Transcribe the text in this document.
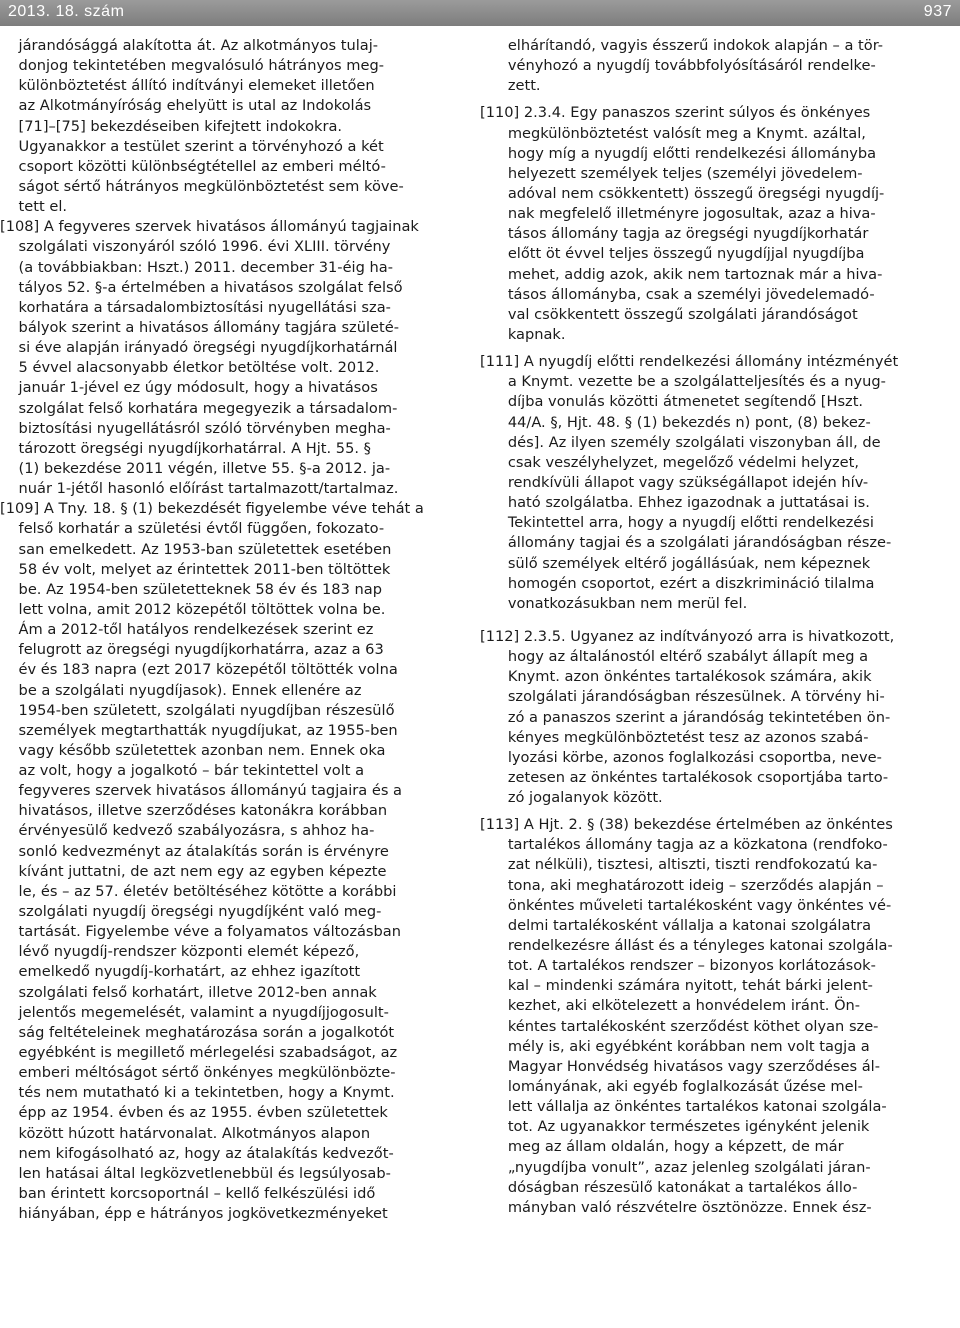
2013. 18. szám	937
járandósággá alakította át. Az alkotmányos tulaj-
donjog tekintetében megvalósuló hátrányos meg-
különböztetést állító indítványi elemeket illetően
az Alkotmányíróság ehelyütt is utal az Indokolás
[71]–[75] bekezdéseiben kifejtett indokokra.
Ugyanakkor a testület szerint a törvényhozó a két
csoport közötti különbségtétellel az emberi méltó-
ságot sértő hátrányos megkülönböztetést sem köve-
tett el.
[108] A fegyveres szervek hivatásos állományú tagjainak
szolgálati viszonyáról szóló 1996. évi XLIII. törvény
(a továbbiakban: Hszt.) 2011. december 31-éig ha-
tályos 52. §-a értelmében a hivatásos szolgálat felső
korhatára a társadalombiztosítási nyugellátási sza-
bályok szerint a hivatásos állomány tagjára születé-
si éve alapján irányadó öregségi nyugdíjkorhatárnál
5 évvel alacsonyabb életkor betöltése volt. 2012.
január 1-jével ez úgy módosult, hogy a hivatásos
szolgálat felső korhatára megegyezik a társadalom-
biztosítási nyugellátásról szóló törvényben megha-
tározott öregségi nyugdíjkorhatárral. A Hjt. 55. §
(1) bekezdése 2011 végén, illetve 55. §-a 2012. ja-
nuár 1-jétől hasonló előírást tartalmazott/tartalmaz.
[109] A Tny. 18. § (1) bekezdését figyelembe véve tehát a
felső korhatár a születési évtől függően, fokozato-
san emelkedett. Az 1953-ban születettek esetében
58 év volt, melyet az érintettek 2011-ben töltöttek
be. Az 1954-ben születetteknek 58 év és 183 nap
lett volna, amit 2012 közepétől töltöttek volna be.
Ám a 2012-től hatályos rendelkezések szerint ez
felugrott az öregségi nyugdíjkorhatárra, azaz a 63
év és 183 napra (ezt 2017 közepétől töltötték volna
be a szolgálati nyugdíjasok). Ennek ellenére az
1954-ben született, szolgálati nyugdíjban részesülő
személyek megtarthatták nyugdíjukat, az 1955-ben
vagy később születettek azonban nem. Ennek oka
az volt, hogy a jogalkotó – bár tekintettel volt a
fegyveres szervek hivatásos állományú tagjaira és a
hivatásos, illetve szerződéses katonákra korábban
érvényesülő kedvező szabályozásra, s ahhoz ha-
sonló kedvezményt az átalakítás során is érvényre
kívánt juttatni, de azt nem egy az egyben képezte
le, és – az 57. életév betöltéséhez kötötte a korábbi
szolgálati nyugdíj öregségi nyugdíjként való meg-
tartását. Figyelembe véve a folyamatos változásban
lévő nyugdíj-rendszer központi elemét képező,
emelkedő nyugdíj-korhatárt, az ehhez igazított
szolgálati felső korhatárt, illetve 2012-ben annak
jelentős megemelését, valamint a nyugdíjjogosult-
ság feltételeinek meghatározása során a jogalkotót
egyébként is megillető mérlegelési szabadságot, az
emberi méltóságot sértő önkényes megkülönbözte-
tés nem mutatható ki a tekintetben, hogy a Knymt.
épp az 1954. évben és az 1955. évben születettek
között húzott határvonalat. Alkotmányos alapon
nem kifogásolható az, hogy az átalakítás kedvezőt-
len hatásai által legközvetlenebbül és legsúlyosab-
ban érintett korcsoportnál – kellő felkészülési idő
hiányában, épp e hátrányos jogkövetkezményeket
elhárítandó, vagyis ésszerű indokok alapján – a tör-
vényhozó a nyugdíj továbbfolyósításáról rendelke-
zett.
[110] 2.3.4. Egy panaszos szerint súlyos és önkényes
megkülönböztetést valósít meg a Knymt. azáltal,
hogy míg a nyugdíj előtti rendelkezési állományba
helyezett személyek teljes (személyi jövedelem-
adóval nem csökkentett) összegű öregségi nyugdíj-
nak megfelelő illetményre jogosultak, azaz a hiva-
tásos állomány tagja az öregségi nyugdíjkorhatár
előtt öt évvel teljes összegű nyugdíjjal nyugdíjba
mehet, addig azok, akik nem tartoznak már a hiva-
tásos állományba, csak a személyi jövedelemadó-
val csökkentett összegű szolgálati járandóságot
kapnak.
[111] A nyugdíj előtti rendelkezési állomány intézményét
a Knymt. vezette be a szolgálatteljesítés és a nyug-
díjba vonulás közötti átmenetet segítendő [Hszt.
44/A. §, Hjt. 48. § (1) bekezdés n) pont, (8) bekez-
dés]. Az ilyen személy szolgálati viszonyban áll, de
csak veszélyhelyzet, megelőző védelmi helyzet,
rendkívüli állapot vagy szükségállapot idején hív-
ható szolgálatba. Ehhez igazodnak a juttatásai is.
Tekintettel arra, hogy a nyugdíj előtti rendelkezési
állomány tagjai és a szolgálati járandóságban része-
sülő személyek eltérő jogállásúak, nem képeznek
homogén csoportot, ezért a diszkrimináció tilalma
vonatkozásukban nem merül fel.
[112] 2.3.5. Ugyanez az indítványozó arra is hivatkozott,
hogy az általánostól eltérő szabályt állapít meg a
Knymt. azon önkéntes tartalékosok számára, akik
szolgálati járandóságban részesülnek. A törvény hi-
zó a panaszos szerint a járandóság tekintetében ön-
kényes megkülönböztetést tesz az azonos szabá-
lyozási körbe, azonos foglalkozási csoportba, neve-
zetesen az önkéntes tartalékosok csoportjába tarto-
zó jogalanyok között.
[113] A Hjt. 2. § (38) bekezdése értelmében az önkéntes
tartalékos állomány tagja az a közkatona (rendfoko-
zat nélküli), tisztesi, altiszti, tiszti rendfokozatú ka-
tona, aki meghatározott ideig – szerződés alapján –
önkéntes műveleti tartalékosként vagy önkéntes vé-
delmi tartalékosként vállalja a katonai szolgálatra
rendelkezésre állást és a tényleges katonai szolgála-
tot. A tartalékos rendszer – bizonyos korlátozások-
kal – mindenki számára nyitott, tehát bárki jelent-
kezhet, aki elkötelezett a honvédelem iránt. Ön-
kéntes tartalékosként szerződést köthet olyan sze-
mély is, aki egyébként korábban nem volt tagja a
Magyar Honvédség hivatásos vagy szerződéses ál-
lományának, aki egyéb foglalkozását űzése mel-
lett vállalja az önkéntes tartalékos katonai szolgála-
tot. Az ugyanakkor természetes igényként jelenik
meg az állam oldalán, hogy a képzett, de már
„nyugdíjba vonult”, azaz jelenleg szolgálati járan-
dóságban részesülő katonákat a tartalékos állo-
mányban való részvételre ösztönözze. Ennek ész-
